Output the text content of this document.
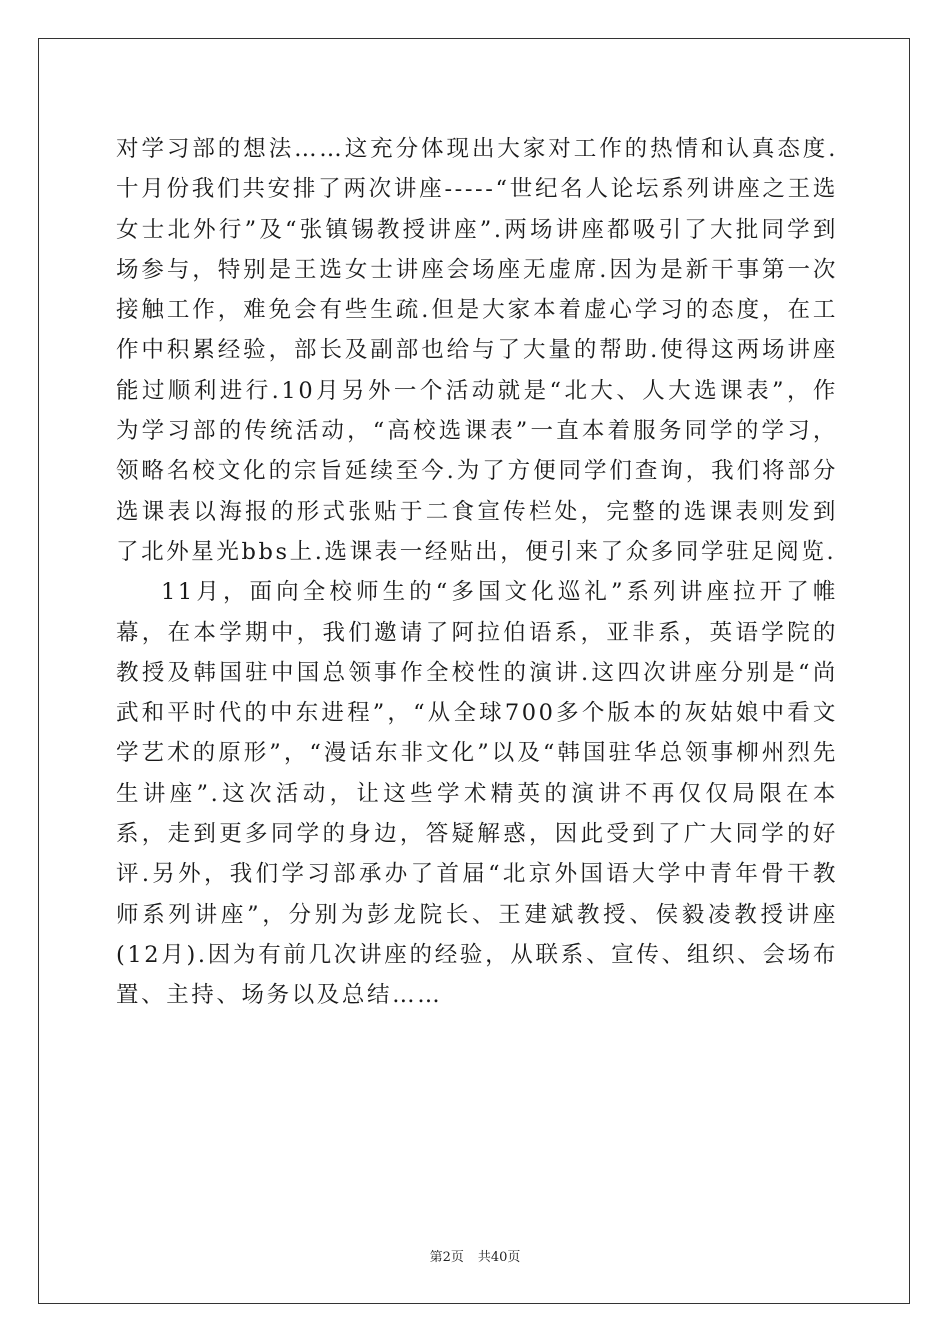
对学习部的想法……这充分体现出大家对工作的热情和认真态度.十月份我们共安排了两次讲座-----“世纪名人论坛系列讲座之王选女士北外行”及“张镇锡教授讲座”.两场讲座都吸引了大批同学到场参与，特别是王选女士讲座会场座无虚席.因为是新干事第一次接触工作，难免会有些生疏.但是大家本着虚心学习的态度，在工作中积累经验，部长及副部也给与了大量的帮助.使得这两场讲座能过顺利进行.10月另外一个活动就是“北大、人大选课表”，作为学习部的传统活动，“高校选课表”一直本着服务同学的学习，领略名校文化的宗旨延续至今.为了方便同学们查询，我们将部分选课表以海报的形式张贴于二食宣传栏处，完整的选课表则发到了北外星光bbs上.选课表一经贴出，便引来了众多同学驻足阅览.

11月，面向全校师生的“多国文化巡礼”系列讲座拉开了帷幕，在本学期中，我们邀请了阿拉伯语系，亚非系，英语学院的教授及韩国驻中国总领事作全校性的演讲.这四次讲座分别是“尚武和平时代的中东进程”，“从全球700多个版本的灰姑娘中看文学艺术的原形”，“漫话东非文化”以及“韩国驻华总领事柳州烈先生讲座”.这次活动，让这些学术精英的演讲不再仅仅局限在本系，走到更多同学的身边，答疑解惑，因此受到了广大同学的好评.另外，我们学习部承办了首届“北京外国语大学中青年骨干教师系列讲座”，分别为彭龙院长、王建斌教授、侯毅凌教授讲座(12月).因为有前几次讲座的经验，从联系、宣传、组织、会场布置、主持、场务以及总结……

第2页 共40页
